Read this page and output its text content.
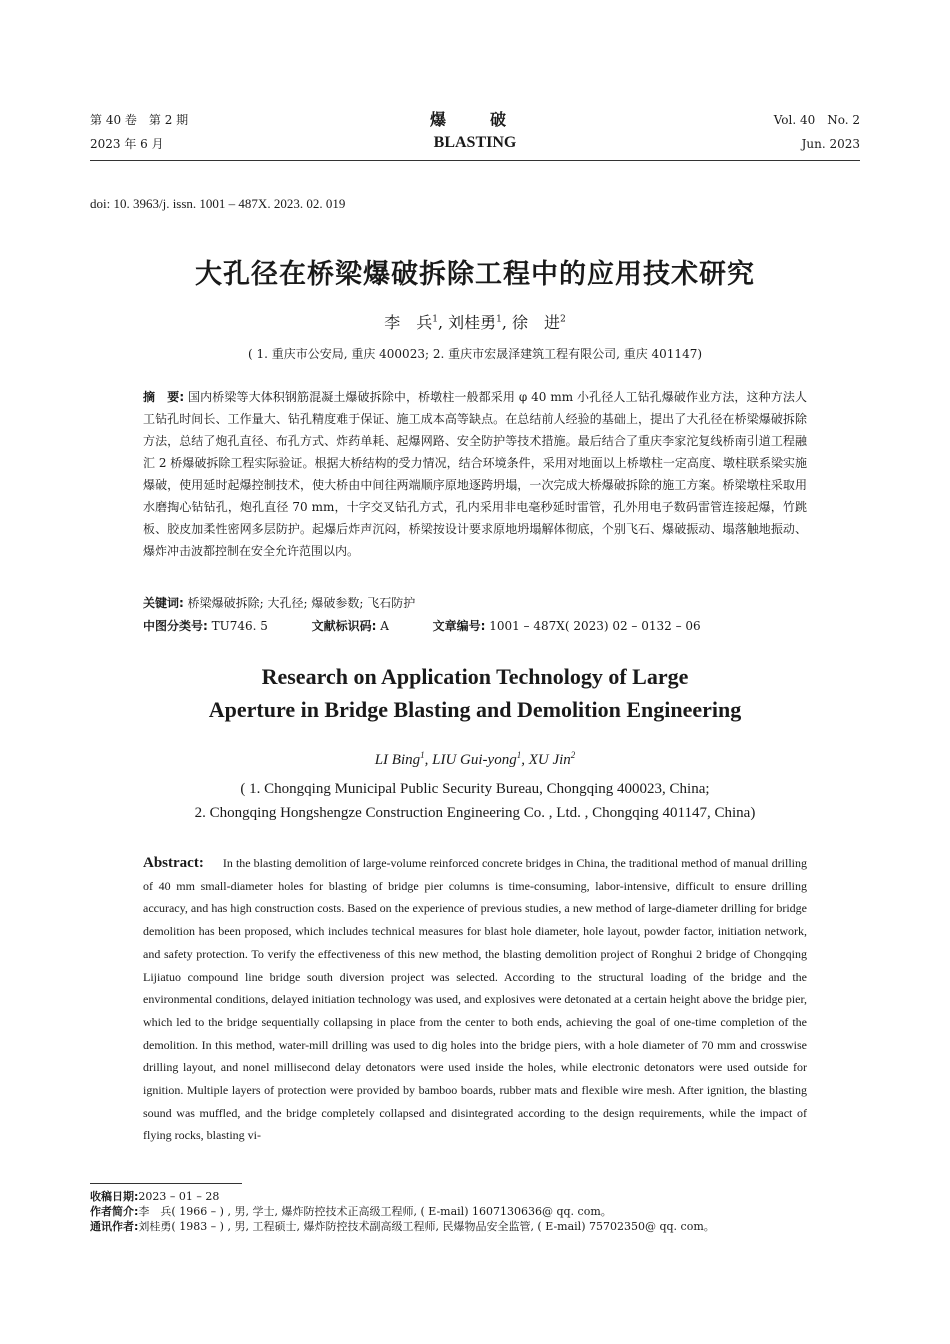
第 40 卷　第 2 期
2023 年 6 月
爆　破
BLASTING
Vol. 40　No. 2
Jun. 2023
doi: 10. 3963/j. issn. 1001 – 487X. 2023. 02. 019
大孔径在桥梁爆破拆除工程中的应用技术研究
李　兵$^1$, 刘桂勇$^1$, 徐　进$^2$
( 1. 重庆市公安局, 重庆 400023; 2. 重庆市宏晟泽建筑工程有限公司, 重庆 401147)
摘　要: 国内桥梁等大体积钢筋混凝土爆破拆除中，桥墩柱一般都采用 φ 40 mm 小孔径人工钻孔爆破作业方法，这种方法人工钻孔时间长、工作量大、钻孔精度难于保证、施工成本高等缺点。在总结前人经验的基础上，提出了大孔径在桥梁爆破拆除方法，总结了炮孔直径、布孔方式、炸药单耗、起爆网路、安全防护等技术措施。最后结合了重庆李家沱复线桥南引道工程融汇 2 桥爆破拆除工程实际验证。根据大桥结构的受力情况，结合环境条件，采用对地面以上桥墩柱一定高度、墩柱联系梁实施爆破，使用延时起爆控制技术，使大桥由中间往两端顺序原地逐跨坍塌，一次完成大桥爆破拆除的施工方案。桥梁墩柱采取用水磨掏心钻钻孔，炮孔直径 70 mm，十字交叉钻孔方式，孔内采用非电毫秒延时雷管，孔外用电子数码雷管连接起爆，竹跳板、胶皮加柔性密网多层防护。起爆后炸声沉闷，桥梁按设计要求原地坍塌解体彻底，个别飞石、爆破振动、塌落触地振动、爆炸冲击波都控制在安全允许范围以内。
关键词: 桥梁爆破拆除; 大孔径; 爆破参数; 飞石防护
中图分类号: TU746. 5	文献标识码: A	文章编号: 1001 – 487X( 2023) 02 – 0132 – 06
Research on Application Technology of Large
Aperture in Bridge Blasting and Demolition Engineering
LI Bing$^1$, LIU Gui-yong$^1$, XU Jin$^2$
( 1. Chongqing Municipal Public Security Bureau, Chongqing 400023, China;
2. Chongqing Hongshengze Construction Engineering Co. , Ltd. , Chongqing 401147, China)
Abstract: In the blasting demolition of large-volume reinforced concrete bridges in China, the traditional method of manual drilling of 40 mm small-diameter holes for blasting of bridge pier columns is time-consuming, labor-intensive, difficult to ensure drilling accuracy, and has high construction costs. Based on the experience of previous studies, a new method of large-diameter drilling for bridge demolition has been proposed, which includes technical measures for blast hole diameter, hole layout, powder factor, initiation network, and safety protection. To verify the effectiveness of this new method, the blasting demolition project of Ronghui 2 bridge of Chongqing Lijiatuo compound line bridge south diversion project was selected. According to the structural loading of the bridge and the environmental conditions, delayed initiation technology was used, and explosives were detonated at a certain height above the bridge pier, which led to the bridge sequentially collapsing in place from the center to both ends, achieving the goal of one-time completion of the demolition. In this method, water-mill drilling was used to dig holes into the bridge piers, with a hole diameter of 70 mm and crosswise drilling layout, and nonel millisecond delay detonators were used inside the holes, while electronic detonators were used outside for ignition. Multiple layers of protection were provided by bamboo boards, rubber mats and flexible wire mesh. After ignition, the blasting sound was muffled, and the bridge completely collapsed and disintegrated according to the design requirements, while the impact of flying rocks, blasting vi-
收稿日期:2023 – 01 – 28
作者简介:李　兵( 1966 – ) , 男, 学士, 爆炸防控技术正高级工程师, ( E-mail) 1607130636@ qq. com。
通讯作者:刘桂勇( 1983 – ) , 男, 工程硕士, 爆炸防控技术副高级工程师, 民爆物品安全监管, ( E-mail) 75702350@ qq. com。
